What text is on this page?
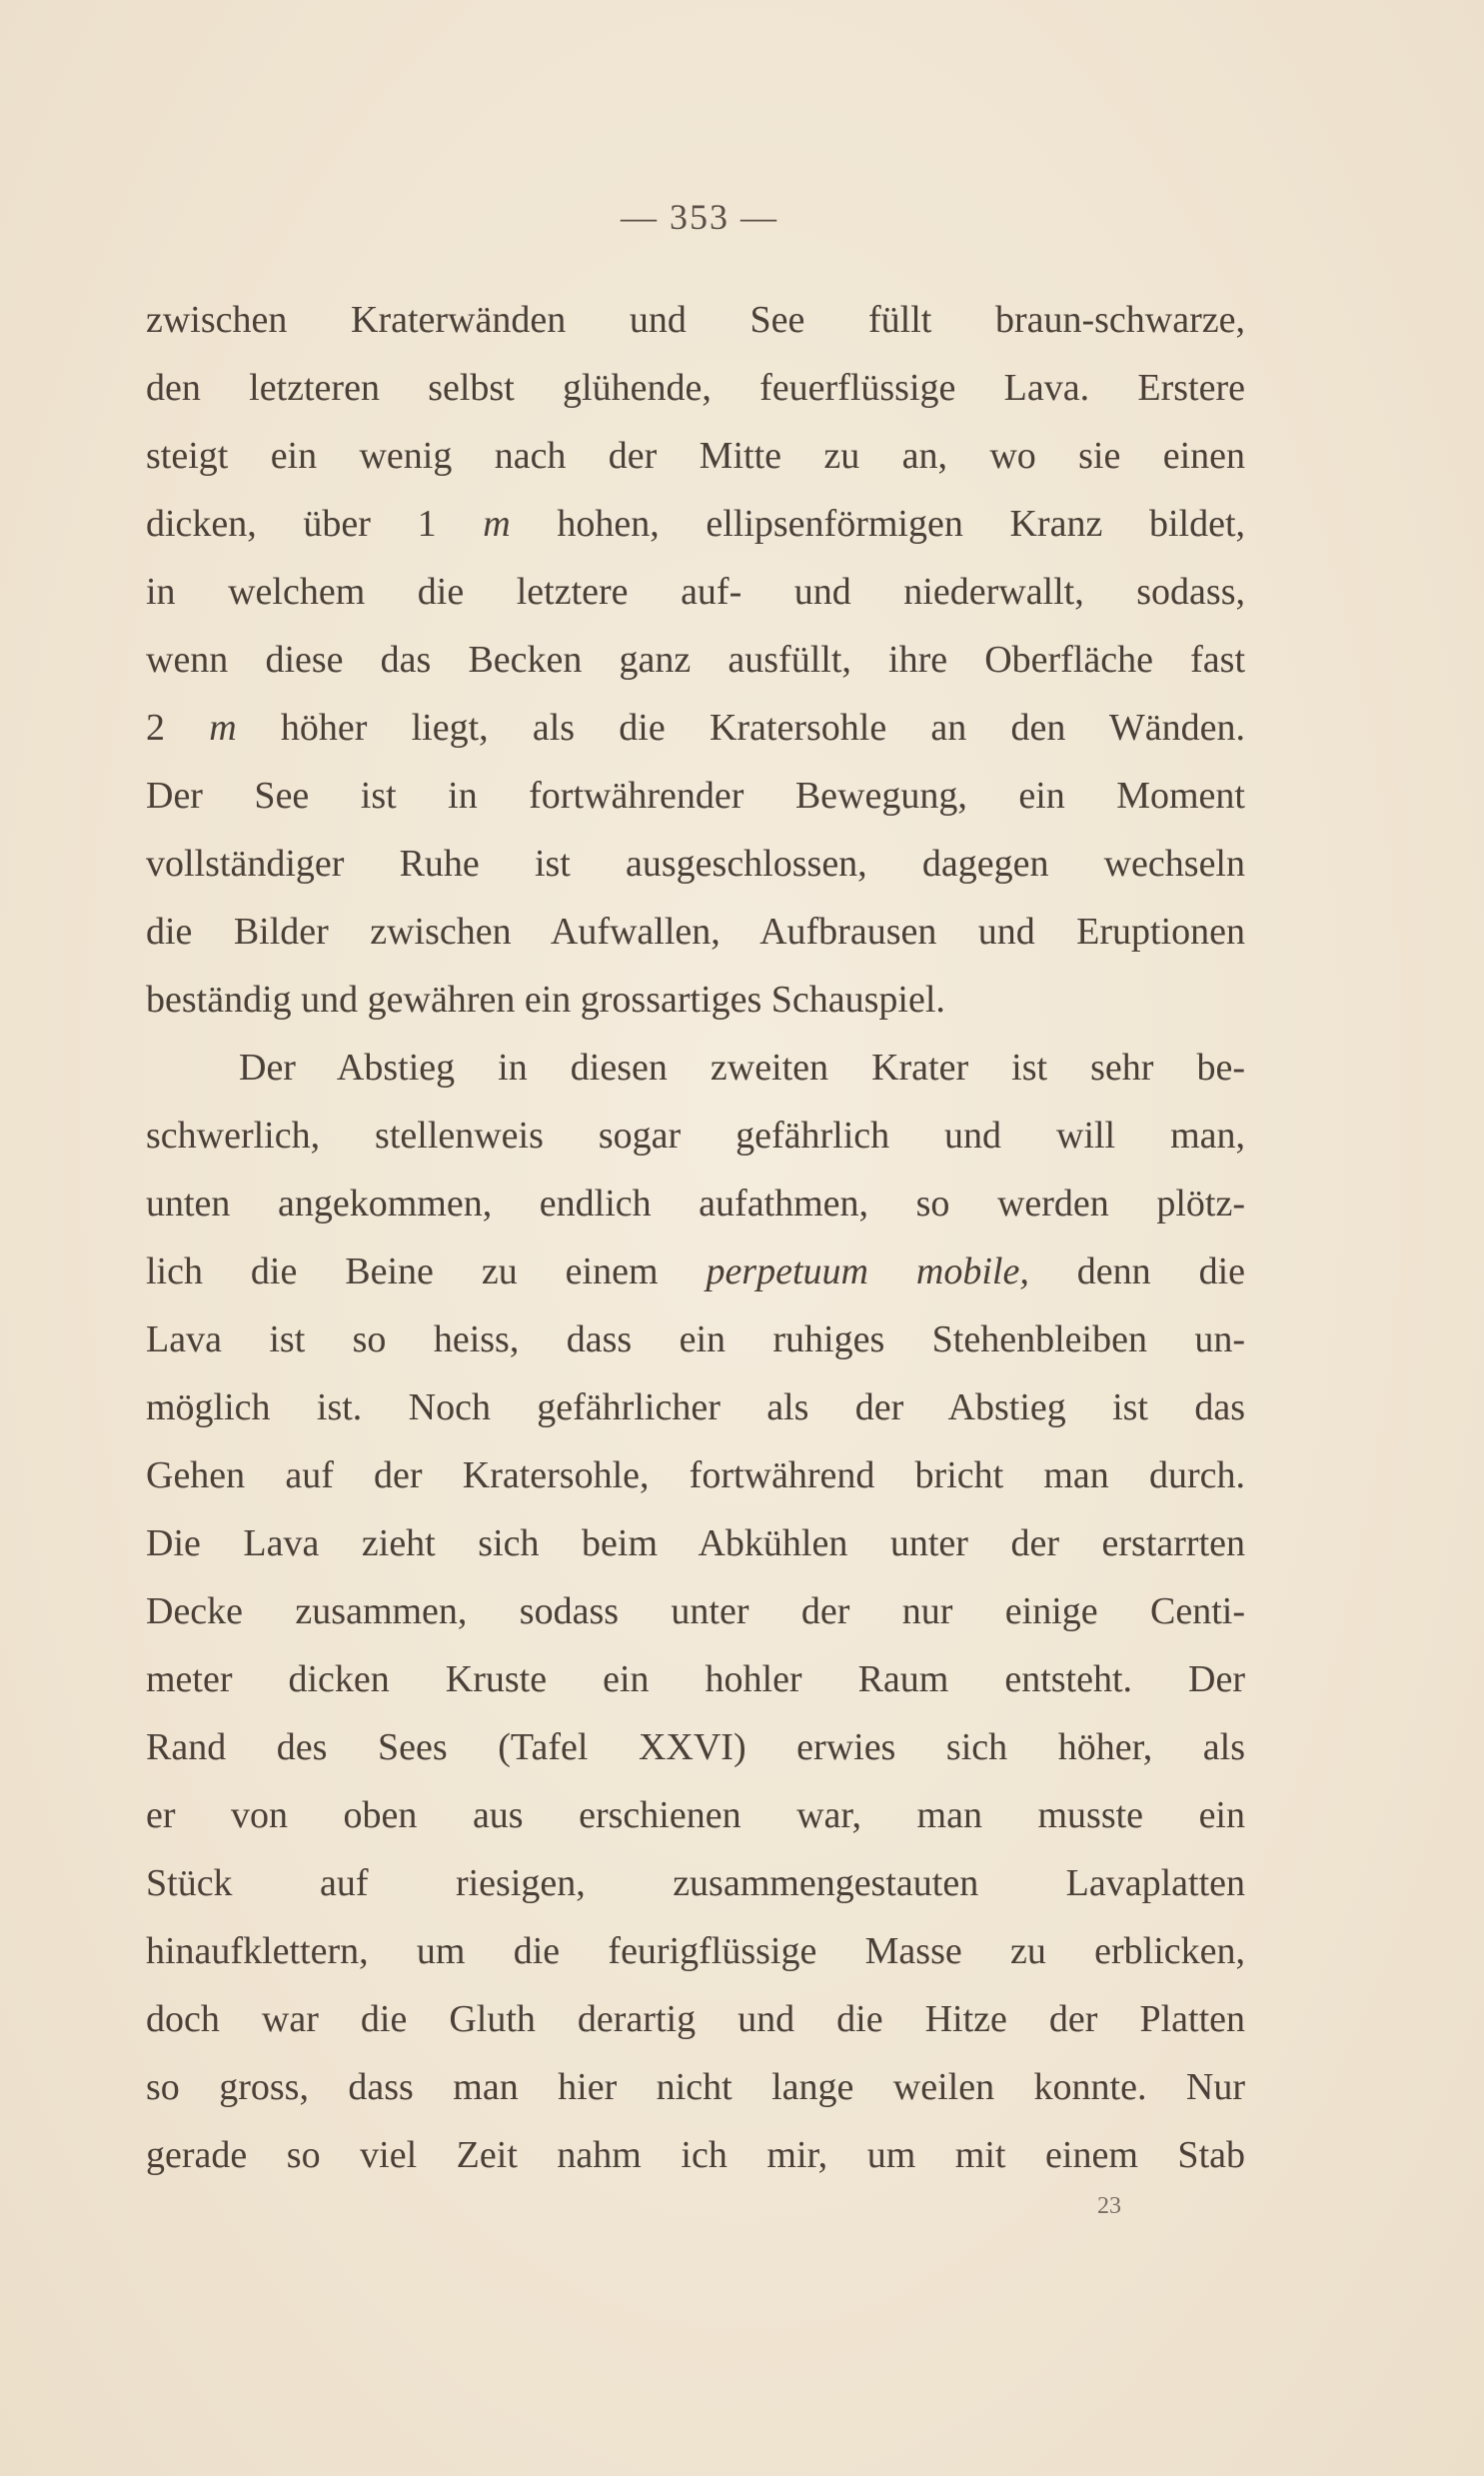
— 353 —
zwischen Kraterwänden und See füllt braun-schwarze,
den letzteren selbst glühende, feuerflüssige Lava. Erstere
steigt ein wenig nach der Mitte zu an, wo sie einen
dicken, über 1 m hohen, ellipsenförmigen Kranz bildet,
in welchem die letztere auf- und niederwallt, sodass,
wenn diese das Becken ganz ausfüllt, ihre Oberfläche fast
2 m höher liegt, als die Kratersohle an den Wänden.
Der See ist in fortwährender Bewegung, ein Moment
vollständiger Ruhe ist ausgeschlossen, dagegen wechseln
die Bilder zwischen Aufwallen, Aufbrausen und Eruptionen
beständig und gewähren ein grossartiges Schauspiel.
Der Abstieg in diesen zweiten Krater ist sehr be-
schwerlich, stellenweis sogar gefährlich und will man,
unten angekommen, endlich aufathmen, so werden plötz-
lich die Beine zu einem perpetuum mobile, denn die
Lava ist so heiss, dass ein ruhiges Stehenbleiben un-
möglich ist. Noch gefährlicher als der Abstieg ist das
Gehen auf der Kratersohle, fortwährend bricht man durch.
Die Lava zieht sich beim Abkühlen unter der erstarrten
Decke zusammen, sodass unter der nur einige Centi-
meter dicken Kruste ein hohler Raum entsteht. Der
Rand des Sees (Tafel XXVI) erwies sich höher, als
er von oben aus erschienen war, man musste ein
Stück auf riesigen, zusammengestauten Lavaplatten
hinaufklettern, um die feurigflüssige Masse zu erblicken,
doch war die Gluth derartig und die Hitze der Platten
so gross, dass man hier nicht lange weilen konnte. Nur
gerade so viel Zeit nahm ich mir, um mit einem Stab
23
